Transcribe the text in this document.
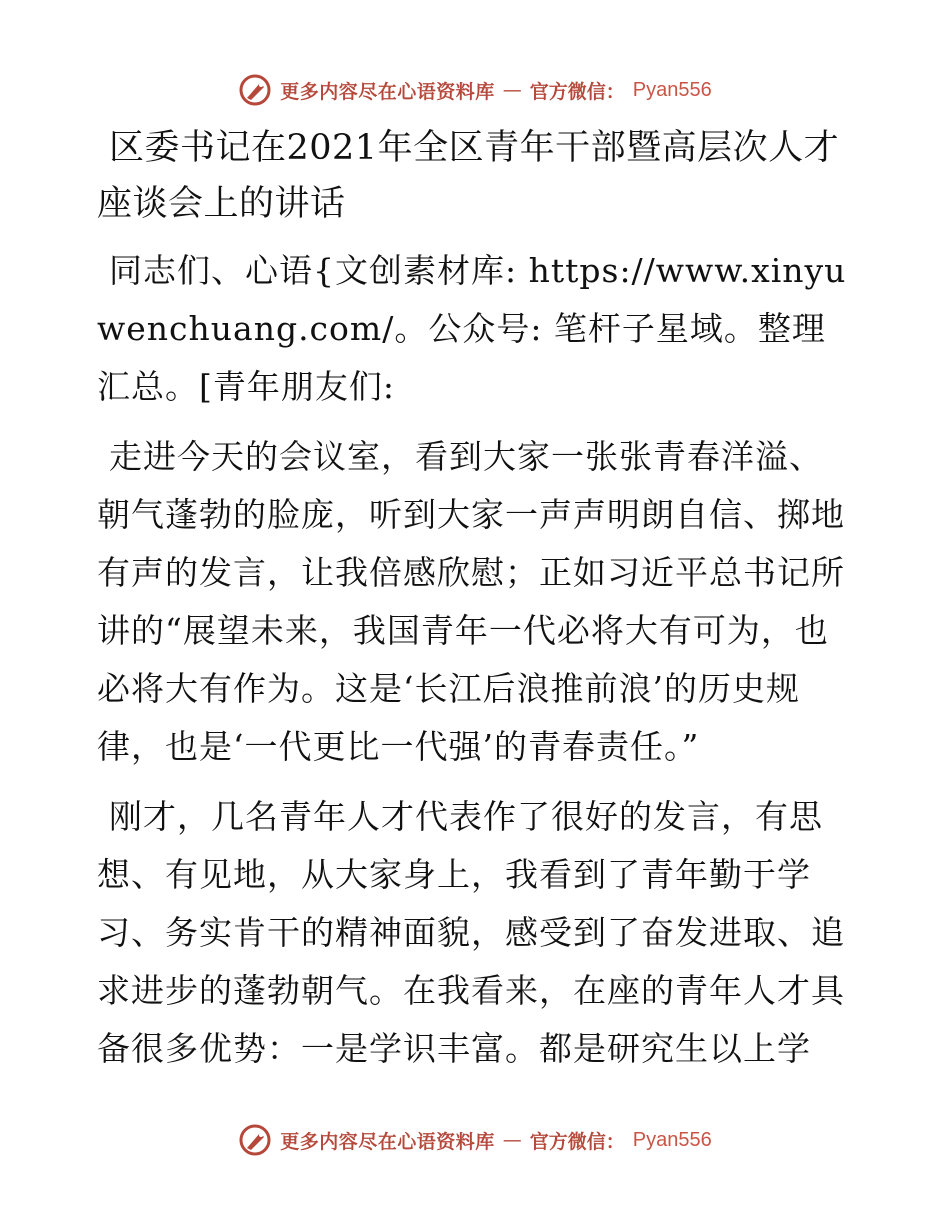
更多内容尽在心语资料库 — 官方微信： Pyan556
区委书记在2021年全区青年干部暨高层次人才座谈会上的讲话

同志们、心语{文创素材库: https://www.xinyuwenchuang.com/。公众号: 笔杆子星域。整理汇总。[青年朋友们:

走进今天的会议室，看到大家一张张青春洋溢、朝气蓬勃的脸庞，听到大家一声声明朗自信、掷地有声的发言，让我倍感欣慰；正如习近平总书记所讲的“展望未来，我国青年一代必将大有可为，也必将大有作为。这是‘长江后浪推前浪’的历史规律，也是‘一代更比一代强’的青春责任。”

刚才，几名青年人才代表作了很好的发言，有思想、有见地，从大家身上，我看到了青年勤于学习、务实肯干的精神面貌，感受到了奋发进取、追求进步的蓬勃朝气。在我看来，在座的青年人才具备很多优势：一是学识丰富。都是研究生以上学

更多内容尽在心语资料库 — 官方微信： Pyan556
